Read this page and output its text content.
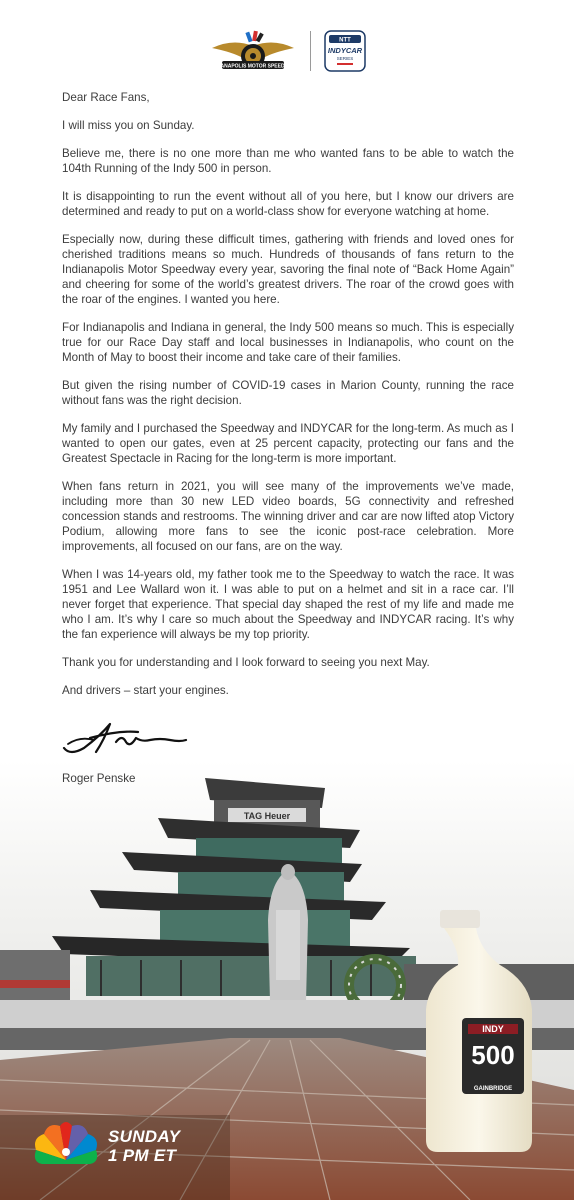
INDIANAPOLIS MOTOR SPEEDWAY
NTT
INDYCAR
SERIES

Dear Race Fans,

I will miss you on Sunday.

Believe me, there is no one more than me who wanted fans to be able to watch the 104th Running of the Indy 500 in person.

It is disappointing to run the event without all of you here, but I know our drivers are determined and ready to put on a world-class show for everyone watching at home.

Especially now, during these difficult times, gathering with friends and loved ones for cherished traditions means so much. Hundreds of thousands of fans return to the Indianapolis Motor Speedway every year, savoring the final note of “Back Home Again” and cheering for some of the world’s greatest drivers. The roar of the crowd goes with the roar of the engines. I wanted you here.

For Indianapolis and Indiana in general, the Indy 500 means so much. This is especially true for our Race Day staff and local businesses in Indianapolis, who count on the Month of May to boost their income and take care of their families.

But given the rising number of COVID-19 cases in Marion County, running the race without fans was the right decision.

My family and I purchased the Speedway and INDYCAR for the long-term. As much as I wanted to open our gates, even at 25 percent capacity, protecting our fans and the Greatest Spectacle in Racing for the long-term is more important.

When fans return in 2021, you will see many of the improvements we’ve made, including more than 30 new LED video boards, 5G connectivity and refreshed concession stands and restrooms. The winning driver and car are now lifted atop Victory Podium, allowing more fans to see the iconic post-race celebration. More improvements, all focused on our fans, are on the way.

When I was 14-years old, my father took me to the Speedway to watch the race. It was 1951 and Lee Wallard won it. I was able to put on a helmet and sit in a race car. I’ll never forget that experience. That special day shaped the rest of my life and made me who I am. It’s why I care so much about the Speedway and INDYCAR racing. It’s why the fan experience will always be my top priority.

Thank you for understanding and I look forward to seeing you next May.

And drivers – start your engines.

TAG Heuer
INDY
500
GAINBRIDGE
Roger Penske
SUNDAY
1 PM ET
